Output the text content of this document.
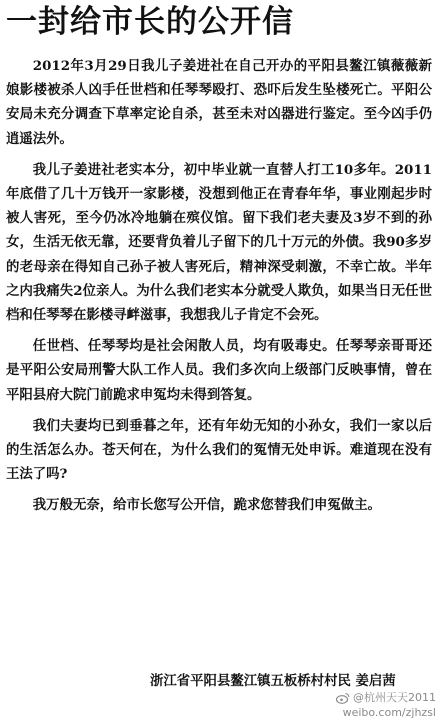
一封给市长的公开信

2012年3月29日我儿子姜进社在自己开办的平阳县鳌江镇薇薇新娘影楼被杀人凶手任世档和任琴琴殴打、恐吓后发生坠楼死亡。平阳公安局未充分调查下草率定论自杀，甚至未对凶器进行鉴定。至今凶手仍逍遥法外。

我儿子姜进社老实本分，初中毕业就一直替人打工10多年。2011年底借了几十万钱开一家影楼，没想到他正在青春年华，事业刚起步时被人害死，至今仍冰冷地躺在殡仪馆。留下我们老夫妻及3岁不到的孙女，生活无依无靠，还要背负着儿子留下的几十万元的外债。我90多岁的老母亲在得知自己孙子被人害死后，精神深受刺激，不幸亡故。半年之内我痛失2位亲人。为什么我们老实本分就受人欺负，如果当日无任世档和任琴琴在影楼寻衅滋事，我想我儿子肯定不会死。

任世档、任琴琴均是社会闲散人员，均有吸毒史。任琴琴亲哥哥还是平阳公安局刑警大队工作人员。我们多次向上级部门反映事情，曾在平阳县府大院门前跪求申冤均未得到答复。

我们夫妻均已到垂暮之年，还有年幼无知的小孙女，我们一家以后的生活怎么办。苍天何在，为什么我们的冤情无处申诉。难道现在没有王法了吗?

我万般无奈，给市长您写公开信，跪求您替我们申冤做主。

浙江省平阳县鳌江镇五板桥村村民 姜启茜
@杭州天天2011
weibo.com/zjhzsl
